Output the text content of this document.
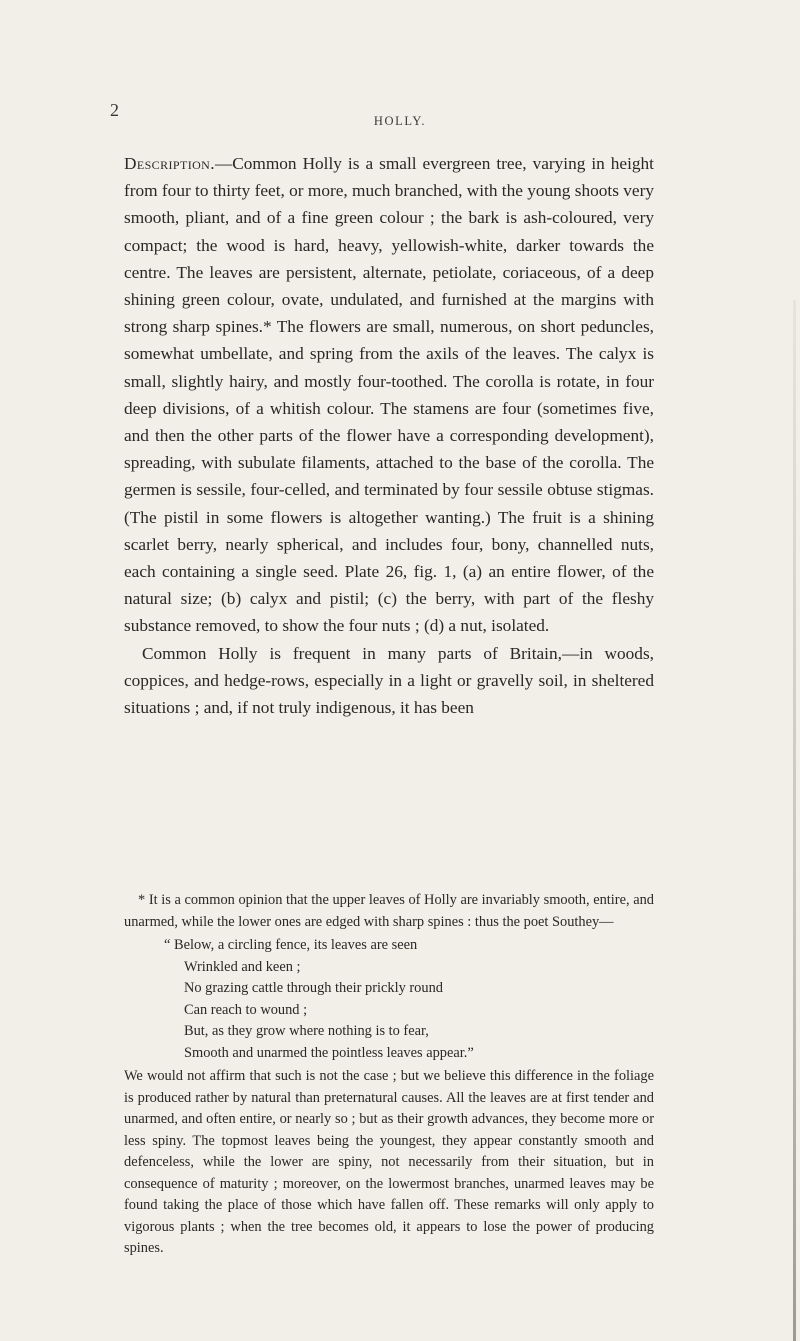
2
HOLLY.

Description.—Common Holly is a small evergreen tree, varying in height from four to thirty feet, or more, much branched, with the young shoots very smooth, pliant, and of a fine green colour ; the bark is ash-coloured, very compact; the wood is hard, heavy, yellowish-white, darker towards the centre. The leaves are persistent, alternate, petiolate, coriaceous, of a deep shining green colour, ovate, undulated, and furnished at the margins with strong sharp spines.* The flowers are small, numerous, on short peduncles, somewhat umbellate, and spring from the axils of the leaves. The calyx is small, slightly hairy, and mostly four-toothed. The corolla is rotate, in four deep divisions, of a whitish colour. The stamens are four (sometimes five, and then the other parts of the flower have a corresponding development), spreading, with subulate filaments, attached to the base of the corolla. The germen is sessile, four-celled, and terminated by four sessile obtuse stigmas. (The pistil in some flowers is altogether wanting.) The fruit is a shining scarlet berry, nearly spherical, and includes four, bony, channelled nuts, each containing a single seed. Plate 26, fig. 1, (a) an entire flower, of the natural size; (b) calyx and pistil; (c) the berry, with part of the fleshy substance removed, to show the four nuts ; (d) a nut, isolated.

Common Holly is frequent in many parts of Britain,—in woods, coppices, and hedge-rows, especially in a light or gravelly soil, in sheltered situations ; and, if not truly indigenous, it has been

* It is a common opinion that the upper leaves of Holly are invariably smooth, entire, and unarmed, while the lower ones are edged with sharp spines : thus the poet Southey—

“ Below, a circling fence, its leaves are seen
Wrinkled and keen ;
No grazing cattle through their prickly round
Can reach to wound ;
But, as they grow where nothing is to fear,
Smooth and unarmed the pointless leaves appear.”

We would not affirm that such is not the case ; but we believe this difference in the foliage is produced rather by natural than preternatural causes. All the leaves are at first tender and unarmed, and often entire, or nearly so ; but as their growth advances, they become more or less spiny. The topmost leaves being the youngest, they appear constantly smooth and defenceless, while the lower are spiny, not necessarily from their situation, but in consequence of maturity ; moreover, on the lowermost branches, unarmed leaves may be found taking the place of those which have fallen off. These remarks will only apply to vigorous plants ; when the tree becomes old, it appears to lose the power of producing spines.
